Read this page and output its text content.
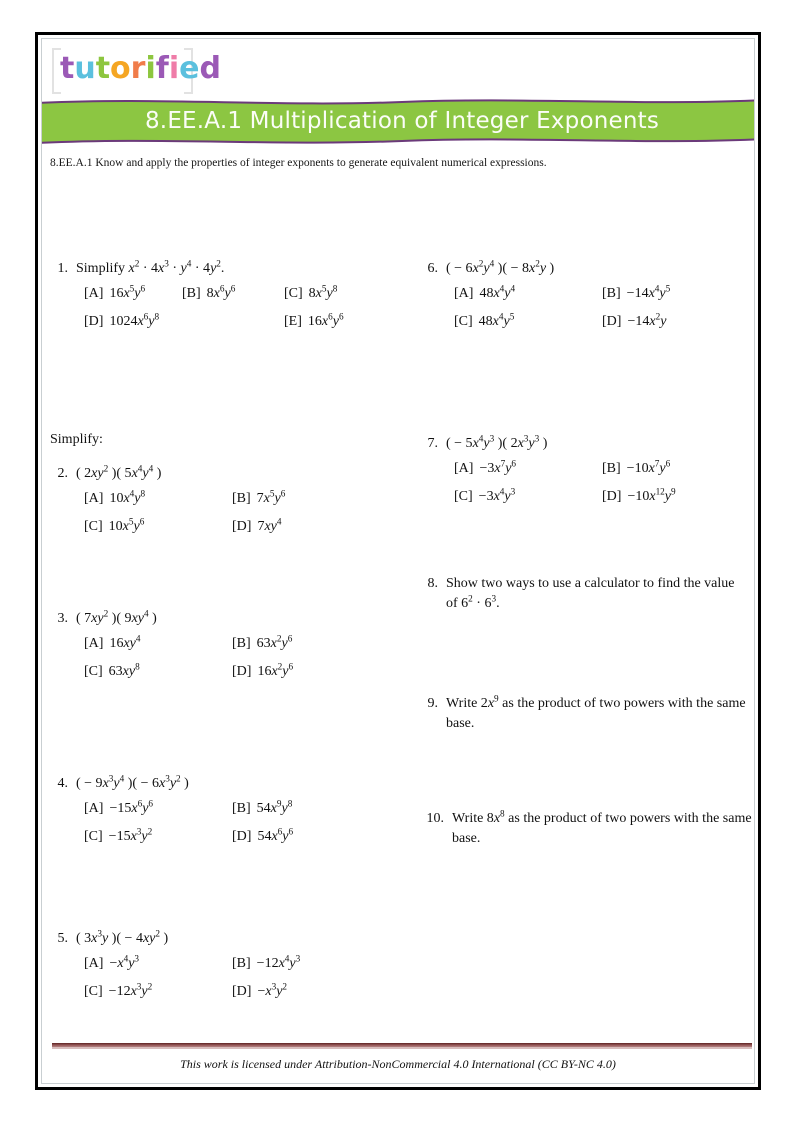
tutorified
8.EE.A.1 Multiplication of Integer Exponents
8.EE.A.1 Know and apply the properties of integer exponents to generate equivalent numerical expressions.
Simplify:
1. Simplify $x^2 \cdot 4x^3 \cdot y^4 \cdot 4y^2$.
[A] $16x^5y^6$	[B] $8x^6y^6$	[C] $8x^5y^8$
[D] $1024x^6y^8$	[E] $16x^6y^6$
2. ( $2xy^2$ )( $5x^4y^4$ )
[A] $10x^4y^8$	[B] $7x^5y^6$
[C] $10x^5y^6$	[D] $7xy^4$
3. ( $7xy^2$ )( $9xy^4$ )
[A] $16xy^4$	[B] $63x^2y^6$
[C] $63xy^8$	[D] $16x^2y^6$
4. ( − $9x^3y^4$ )( − $6x^3y^2$ )
$[A] -15x^6y^6$	[B] $54x^9y^8$
$[C] -15x^3y^2$	[D] $54x^6y^6$
5. ( $3x^3y$ )( − $4xy^2$ )
$[A] -x^4y^3$	$[B] -12x^4y^3$
$[C] -12x^3y^2$	$[D] -x^3y^2$
6. ( − $6x^2y^4$ )( − $8x^2y$ )
[A] $48x^4y^4$	$[B] -14x^4y^5$
[C] $48x^4y^5$	$[D] -14x^2y$
7. ( − $5x^4y^3$ )( $2x^3y^3$ )
$[A] -3x^7y^6$	$[B] -10x^7y^6$
$[C] -3x^4y^3$	$[D] -10x^{12}y^9$
8. Show two ways to use a calculator to find the value of $6^2 \cdot 6^3$.
9. Write $2x^9$ as the product of two powers with the same base.
10. Write $8x^8$ as the product of two powers with the same base.
This work is licensed under Attribution-NonCommercial 4.0 International (CC BY-NC 4.0)
